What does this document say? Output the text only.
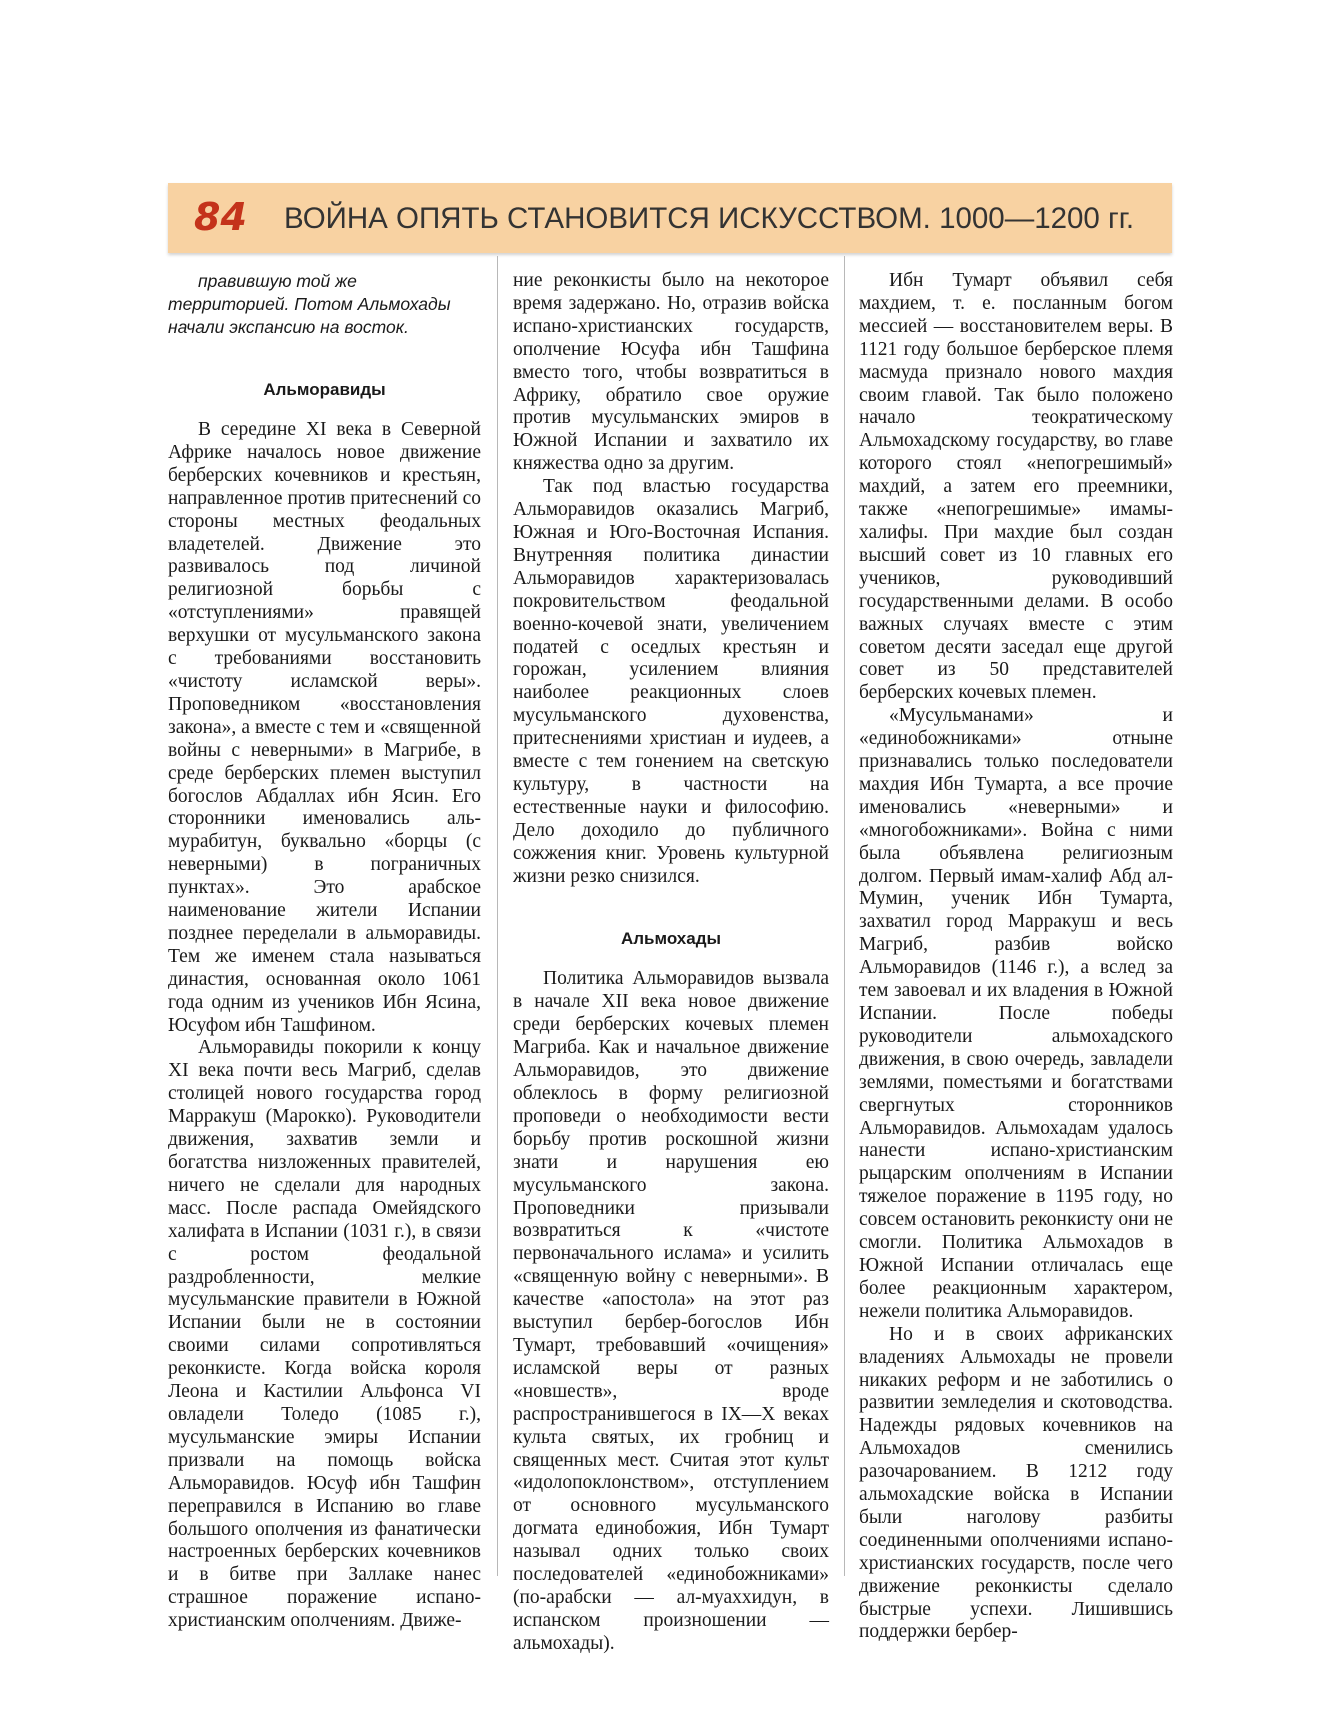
84 ВОЙНА ОПЯТЬ СТАНОВИТСЯ ИСКУССТВОМ. 1000—1200 гг.

правившую той же территорией. Потом Альмохады начали экспансию на восток.

Альморавиды

В середине XI века в Северной Африке началось новое движение берберских кочевников и крестьян, направленное против притеснений со стороны местных феодальных владетелей. Движение это развивалось под личиной религиозной борьбы с «отступлениями» правящей верхушки от мусульманского закона с требованиями восстановить «чистоту исламской веры». Проповедником «восстановления закона», а вместе с тем и «священной войны с неверными» в Магрибе, в среде берберских племен выступил богослов Абдаллах ибн Ясин. Его сторонники именовались аль-мурабитун, буквально «борцы (с неверными) в пограничных пунктах». Это арабское наименование жители Испании позднее переделали в альморавиды. Тем же именем стала называться династия, основанная около 1061 года одним из учеников Ибн Ясина, Юсуфом ибн Ташфином.

Альморавиды покорили к концу XI века почти весь Магриб, сделав столицей нового государства город Марракуш (Марокко). Руководители движения, захватив земли и богатства низложенных правителей, ничего не сделали для народных масс. После распада Омейядского халифата в Испании (1031 г.), в связи с ростом феодальной раздробленности, мелкие мусульманские правители в Южной Испании были не в состоянии своими силами сопротивляться реконкисте. Когда войска короля Леона и Кастилии Альфонса VI овладели Толедо (1085 г.), мусульманские эмиры Испании призвали на помощь войска Альморавидов. Юсуф ибн Ташфин переправился в Испанию во главе большого ополчения из фанатически настроенных берберских кочевников и в битве при Заллаке нанес страшное поражение испано-христианским ополчениям. Движе-

ние реконкисты было на некоторое время задержано. Но, отразив войска испано-христианских государств, ополчение Юсуфа ибн Ташфина вместо того, чтобы возвратиться в Африку, обратило свое оружие против мусульманских эмиров в Южной Испании и захватило их княжества одно за другим.

Так под властью государства Альморавидов оказались Магриб, Южная и Юго-Восточная Испания. Внутренняя политика династии Альморавидов характеризовалась покровительством феодальной военно-кочевой знати, увеличением податей с оседлых крестьян и горожан, усилением влияния наиболее реакционных слоев мусульманского духовенства, притеснениями христиан и иудеев, а вместе с тем гонением на светскую культуру, в частности на естественные науки и философию. Дело доходило до публичного сожжения книг. Уровень культурной жизни резко снизился.

Альмохады

Политика Альморавидов вызвала в начале XII века новое движение среди берберских кочевых племен Магриба. Как и начальное движение Альморавидов, это движение облеклось в форму религиозной проповеди о необходимости вести борьбу против роскошной жизни знати и нарушения ею мусульманского закона. Проповедники призывали возвратиться к «чистоте первоначального ислама» и усилить «священную войну с неверными». В качестве «апостола» на этот раз выступил бербер-богослов Ибн Тумарт, требовавший «очищения» исламской веры от разных «новшеств», вроде распространившегося в IX—X веках культа святых, их гробниц и священных мест. Считая этот культ «идолопоклонством», отступлением от основного мусульманского догмата единобожия, Ибн Тумарт называл одних только своих последователей «единобожниками» (по-арабски — ал-муаххидун, в испанском произношении — альмохады).

Ибн Тумарт объявил себя махдием, т. е. посланным богом мессией — восстановителем веры. В 1121 году большое берберское племя масмуда признало нового махдия своим главой. Так было положено начало теократическому Альмохадскому государству, во главе которого стоял «непогрешимый» махдий, а затем его преемники, также «непогрешимые» имамы-халифы. При махдие был создан высший совет из 10 главных его учеников, руководивший государственными делами. В особо важных случаях вместе с этим советом десяти заседал еще другой совет из 50 представителей берберских кочевых племен.

«Мусульманами» и «единобожниками» отныне признавались только последователи махдия Ибн Тумарта, а все прочие именовались «неверными» и «многобожниками». Война с ними была объявлена религиозным долгом. Первый имам-халиф Абд ал-Мумин, ученик Ибн Тумарта, захватил город Марракуш и весь Магриб, разбив войско Альморавидов (1146 г.), а вслед за тем завоевал и их владения в Южной Испании. После победы руководители альмохадского движения, в свою очередь, завладели землями, поместьями и богатствами свергнутых сторонников Альморавидов. Альмохадам удалось нанести испано-христианским рыцарским ополчениям в Испании тяжелое поражение в 1195 году, но совсем остановить реконкисту они не смогли. Политика Альмохадов в Южной Испании отличалась еще более реакционным характером, нежели политика Альморавидов.

Но и в своих африканских владениях Альмохады не провели никаких реформ и не заботились о развитии земледелия и скотоводства. Надежды рядовых кочевников на Альмохадов сменились разочарованием. В 1212 году альмохадские войска в Испании были наголову разбиты соединенными ополчениями испано-христианских государств, после чего движение реконкисты сделало быстрые успехи. Лишившись поддержки бербер-
